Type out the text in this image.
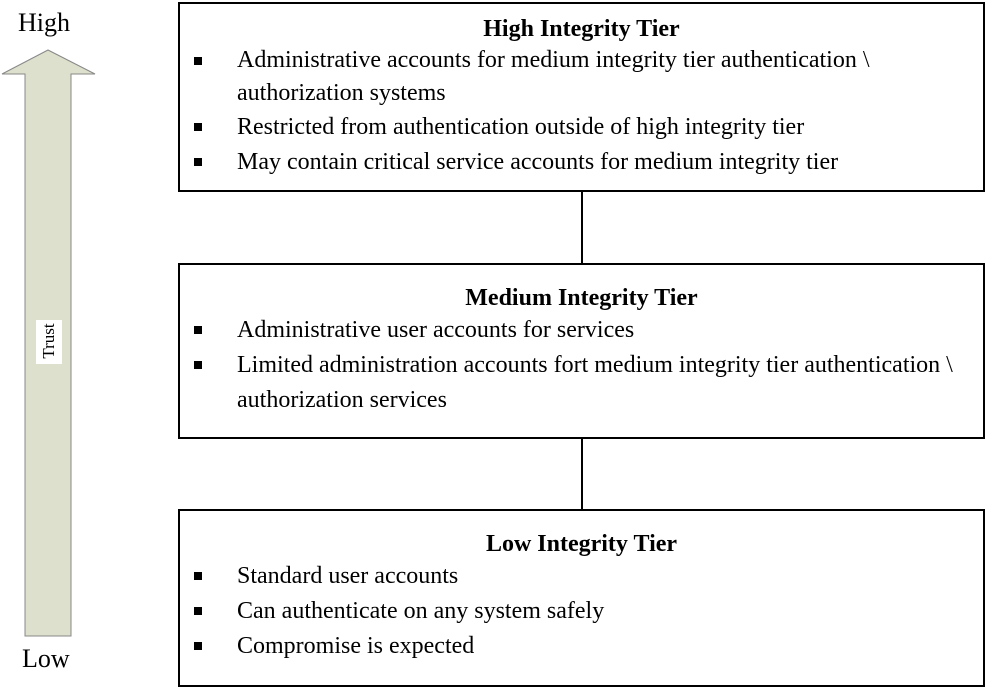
High
Low
Trust
High Integrity Tier
Administrative accounts for medium integrity tier authentication \ authorization systems
Restricted from authentication outside of high integrity tier
May contain critical service accounts for medium integrity tier
Medium Integrity Tier
Administrative user accounts for services
Limited administration accounts fort medium integrity tier authentication \ authorization services
Low Integrity Tier
Standard user accounts
Can authenticate on any system safely
Compromise is expected
